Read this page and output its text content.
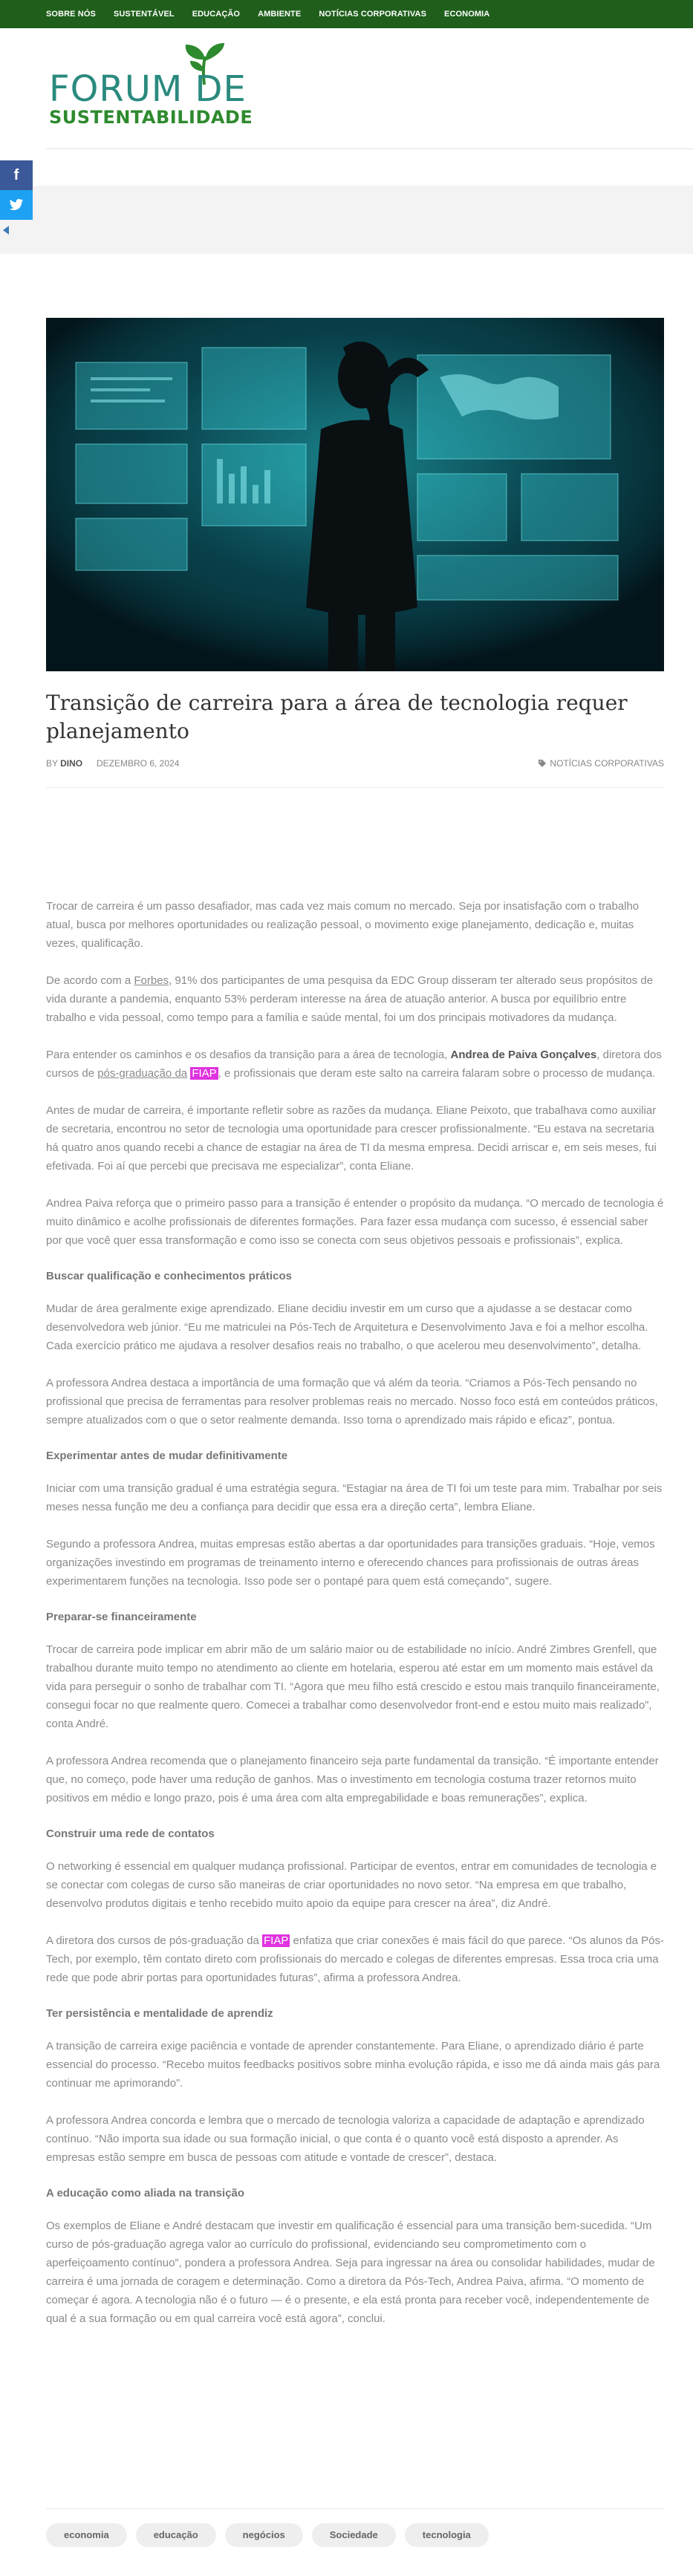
SOBRE NÓS SUSTENTÁVEL EDUCAÇÃO AMBIENTE NOTÍCIAS CORPORATIVAS ECONOMIA
FORUM DE
SUSTENTABILIDADE
f
Transição de carreira para a área de tecnologia requer planejamento
BY DINO DEZEMBRO 6, 2024	NOTÍCIAS CORPORATIVAS

Trocar de carreira é um passo desafiador, mas cada vez mais comum no mercado. Seja por insatisfação com o trabalho atual, busca por melhores oportunidades ou realização pessoal, o movimento exige planejamento, dedicação e, muitas vezes, qualificação.

De acordo com a Forbes, 91% dos participantes de uma pesquisa da EDC Group disseram ter alterado seus propósitos de vida durante a pandemia, enquanto 53% perderam interesse na área de atuação anterior. A busca por equilíbrio entre trabalho e vida pessoal, como tempo para a família e saúde mental, foi um dos principais motivadores da mudança.

Para entender os caminhos e os desafios da transição para a área de tecnologia, Andrea de Paiva Gonçalves, diretora dos cursos de pós-graduação da FIAP , e profissionais que deram este salto na carreira falaram sobre o processo de mudança.

Antes de mudar de carreira, é importante refletir sobre as razões da mudança. Eliane Peixoto, que trabalhava como auxiliar de secretaria, encontrou no setor de tecnologia uma oportunidade para crescer profissionalmente. “Eu estava na secretaria há quatro anos quando recebi a chance de estagiar na área de TI da mesma empresa. Decidi arriscar e, em seis meses, fui efetivada. Foi aí que percebi que precisava me especializar”, conta Eliane.

Andrea Paiva reforça que o primeiro passo para a transição é entender o propósito da mudança. “O mercado de tecnologia é muito dinâmico e acolhe profissionais de diferentes formações. Para fazer essa mudança com sucesso, é essencial saber por que você quer essa transformação e como isso se conecta com seus objetivos pessoais e profissionais”, explica.

Buscar qualificação e conhecimentos práticos

Mudar de área geralmente exige aprendizado. Eliane decidiu investir em um curso que a ajudasse a se destacar como desenvolvedora web júnior. “Eu me matriculei na Pós-Tech de Arquitetura e Desenvolvimento Java e foi a melhor escolha. Cada exercício prático me ajudava a resolver desafios reais no trabalho, o que acelerou meu desenvolvimento”, detalha.

A professora Andrea destaca a importância de uma formação que vá além da teoria. “Criamos a Pós-Tech pensando no profissional que precisa de ferramentas para resolver problemas reais no mercado. Nosso foco está em conteúdos práticos, sempre atualizados com o que o setor realmente demanda. Isso torna o aprendizado mais rápido e eficaz”, pontua.

Experimentar antes de mudar definitivamente

Iniciar com uma transição gradual é uma estratégia segura. “Estagiar na área de TI foi um teste para mim. Trabalhar por seis meses nessa função me deu a confiança para decidir que essa era a direção certa”, lembra Eliane.

Segundo a professora Andrea, muitas empresas estão abertas a dar oportunidades para transições graduais. “Hoje, vemos organizações investindo em programas de treinamento interno e oferecendo chances para profissionais de outras áreas experimentarem funções na tecnologia. Isso pode ser o pontapé para quem está começando”, sugere.

Preparar-se financeiramente

Trocar de carreira pode implicar em abrir mão de um salário maior ou de estabilidade no início. André Zimbres Grenfell, que trabalhou durante muito tempo no atendimento ao cliente em hotelaria, esperou até estar em um momento mais estável da vida para perseguir o sonho de trabalhar com TI. “Agora que meu filho está crescido e estou mais tranquilo financeiramente, consegui focar no que realmente quero. Comecei a trabalhar como desenvolvedor front-end e estou muito mais realizado”, conta André.

A professora Andrea recomenda que o planejamento financeiro seja parte fundamental da transição. “É importante entender que, no começo, pode haver uma redução de ganhos. Mas o investimento em tecnologia costuma trazer retornos muito positivos em médio e longo prazo, pois é uma área com alta empregabilidade e boas remunerações”, explica.

Construir uma rede de contatos

O networking é essencial em qualquer mudança profissional. Participar de eventos, entrar em comunidades de tecnologia e se conectar com colegas de curso são maneiras de criar oportunidades no novo setor. “Na empresa em que trabalho, desenvolvo produtos digitais e tenho recebido muito apoio da equipe para crescer na área”, diz André.

A diretora dos cursos de pós-graduação da FIAP enfatiza que criar conexões é mais fácil do que parece. “Os alunos da Pós-Tech, por exemplo, têm contato direto com profissionais do mercado e colegas de diferentes empresas. Essa troca cria uma rede que pode abrir portas para oportunidades futuras”, afirma a professora Andrea.

Ter persistência e mentalidade de aprendiz

A transição de carreira exige paciência e vontade de aprender constantemente. Para Eliane, o aprendizado diário é parte essencial do processo. “Recebo muitos feedbacks positivos sobre minha evolução rápida, e isso me dá ainda mais gás para continuar me aprimorando”.

A professora Andrea concorda e lembra que o mercado de tecnologia valoriza a capacidade de adaptação e aprendizado contínuo. “Não importa sua idade ou sua formação inicial, o que conta é o quanto você está disposto a aprender. As empresas estão sempre em busca de pessoas com atitude e vontade de crescer”, destaca.

A educação como aliada na transição

Os exemplos de Eliane e André destacam que investir em qualificação é essencial para uma transição bem-sucedida. “Um curso de pós-graduação agrega valor ao currículo do profissional, evidenciando seu comprometimento com o aperfeiçoamento contínuo”, pondera a professora Andrea. Seja para ingressar na área ou consolidar habilidades, mudar de carreira é uma jornada de coragem e determinação. Como a diretora da Pós-Tech, Andrea Paiva, afirma. “O momento de começar é agora. A tecnologia não é o futuro — é o presente, e ela está pronta para receber você, independentemente de qual é a sua formação ou em qual carreira você está agora”, conclui.

economia	educação	negócios	Sociedade	tecnologia
